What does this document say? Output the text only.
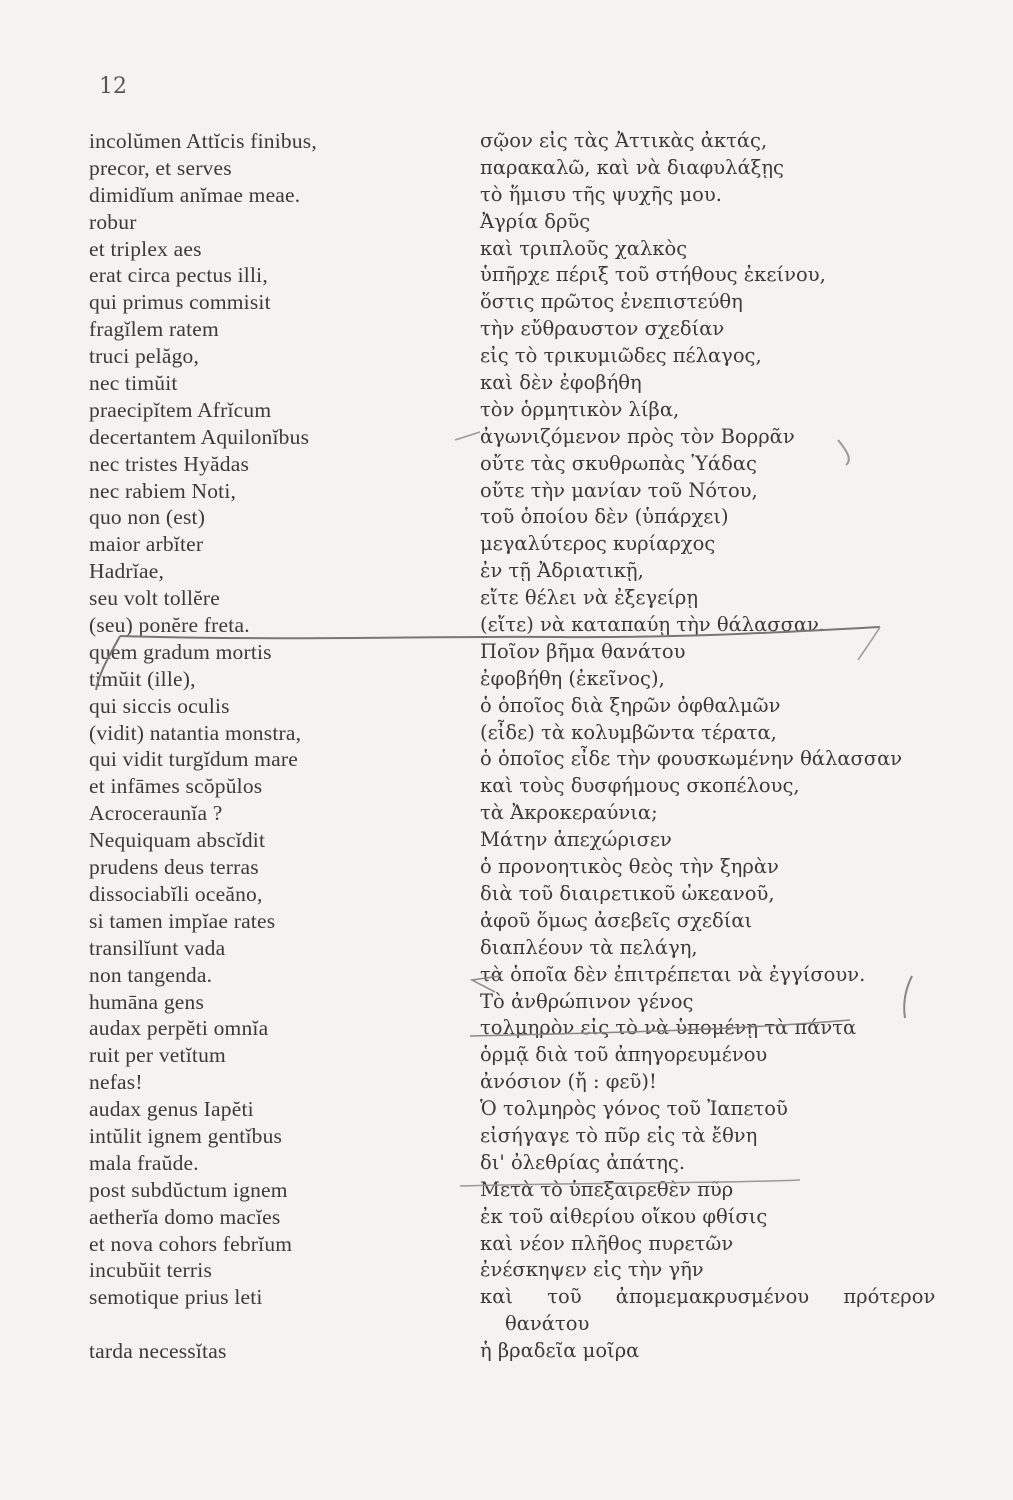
12
incolŭmen Attĭcis finibus,
precor, et serves
dimidĭum anĭmae meae.
robur
et triplex aes
erat circa pectus illi,
qui primus commisit
fragĭlem ratem
truci pelăgo,
nec timŭit
praecipĭtem Afrĭcum
decertantem Aquilonĭbus
nec tristes Hyădas
nec rabiem Noti,
quo non (est)
maior arbĭter
Hadrĭae,
seu volt tollĕre
(seu) ponĕre freta.
quem gradum mortis
timŭit (ille),
qui siccis oculis
(vidit) natantia monstra,
qui vidit turgĭdum mare
et infāmes scŏpŭlos
Acroceraunĭa ?
Nequiquam abscĭdit
prudens deus terras
dissociabĭli oceăno,
si tamen impĭae rates
transilĭunt vada
non tangenda.
humāna gens
audax perpĕti omnĭa
ruit per vetĭtum
nefas!
audax genus Iapĕti
intŭlit ignem gentĭbus
mala fraŭde.
post subdŭctum ignem
aetherĭa domo macĭes
et nova cohors febrĭum
incubŭit terris
semotique prius leti
tarda necessĭtas
σῷον εἰς τὰς Ἀττικὰς ἀκτάς,
παρακαλῶ, καὶ νὰ διαφυλάξῃς
τὸ ἥμισυ τῆς ψυχῆς μου.
Ἀγρία δρῦς
καὶ τριπλοῦς χαλκὸς
ὑπῆρχε πέριξ τοῦ στήθους ἐκείνου,
ὅστις πρῶτος ἐνεπιστεύθη
τὴν εὔθραυστον σχεδίαν
εἰς τὸ τρικυμιῶδες πέλαγος,
καὶ δὲν ἐφοβήθη
τὸν ὁρμητικὸν λίβα,
ἀγωνιζόμενον πρὸς τὸν Βορρᾶν
οὔτε τὰς σκυθρωπὰς Ὑάδας
οὔτε τὴν μανίαν τοῦ Νότου,
τοῦ ὁποίου δὲν (ὑπάρχει)
μεγαλύτερος κυρίαρχος
ἐν τῇ Ἀδριατικῇ,
εἴτε θέλει νὰ ἐξεγείρῃ
(εἴτε) νὰ καταπαύῃ τὴν θάλασσαν.
Ποῖον βῆμα θανάτου
ἐφοβήθη (ἐκεῖνος),
ὁ ὁποῖος διὰ ξηρῶν ὀφθαλμῶν
(εἶδε) τὰ κολυμβῶντα τέρατα,
ὁ ὁποῖος εἶδε τὴν φουσκωμένην θάλασσαν
καὶ τοὺς δυσφήμους σκοπέλους,
τὰ Ἀκροκεραύνια;
Μάτην ἀπεχώρισεν
ὁ προνοητικὸς θεὸς τὴν ξηρὰν
διὰ τοῦ διαιρετικοῦ ὠκεανοῦ,
ἀφοῦ ὅμως ἀσεβεῖς σχεδίαι
διαπλέουν τὰ πελάγη,
τὰ ὁποῖα δὲν ἐπιτρέπεται νὰ ἐγγίσουν.
Τὸ ἀνθρώπινον γένος
τολμηρὸν εἰς τὸ νὰ ὑπομένῃ τὰ πάντα
ὁρμᾷ διὰ τοῦ ἀπηγορευμένου
ἀνόσιον (ἤ : φεῦ)!
Ὁ τολμηρὸς γόνος τοῦ Ἰαπετοῦ
εἰσήγαγε τὸ πῦρ εἰς τὰ ἔθνη
δι' ὀλεθρίας ἀπάτης.
Μετὰ τὸ ὑπεξαιρεθὲν πῦρ
ἐκ τοῦ αἰθερίου οἴκου φθίσις
καὶ νέον πλῆθος πυρετῶν
ἐνέσκηψεν εἰς τὴν γῆν
καὶ τοῦ ἀπομεμακρυσμένου πρότερον
θανάτου
ἡ βραδεῖα μοῖρα
